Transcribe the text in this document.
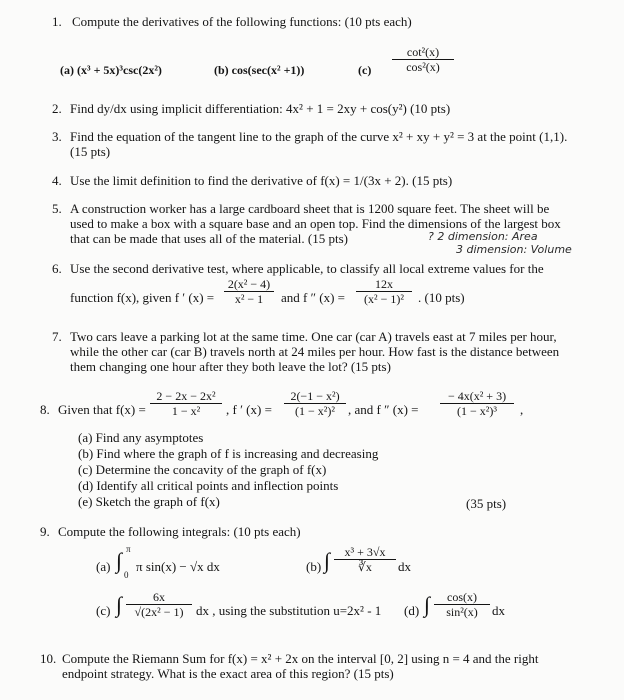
1. Compute the derivatives of the following functions: (10 pts each)
(a) (x³ + 5x)³csc(2x²)	(b) cos(sec(x² +1))	$(c) \frac{\text{cot²(x)}}{\text{cos²(x)}}$
2. Find dy/dx using implicit differentiation: 4x² + 1 = 2xy + cos(y²) (10 pts)
3. Find the equation of the tangent line to the graph of the curve x² + xy + y² = 3 at the point (1,1).
(15 pts)
4. Use the limit definition to find the derivative of f(x) = 1/(3x + 2). (15 pts)
5. A construction worker has a large cardboard sheet that is 1200 square feet. The sheet will be
used to make a box with a square base and an open top. Find the dimensions of the largest box
that can be made that uses all of the material. (15 pts)	? 2 dimension: Area
3 dimension: Volume
6. Use the second derivative test, where applicable, to classify all local extreme values for the
function f(x), given f ′ $(x) = \frac{\text{2(x² − 4)}}{\text{x² − 1}}$ and f ″ $(x) = \frac{12x}{\text{(x² − 1)²}}$ . (10 pts)
7. Two cars leave a parking lot at the same time. One car (car A) travels east at 7 miles per hour,
while the other car (car B) travels north at 24 miles per hour. How fast is the distance between
them changing one hour after they both leave the lot? (15 pts)
8. Given that $f(x) = \frac{\text{2 − 2x − 2x²}}{\text{1 − x²}}$ , f ′ $(x) = \frac{\text{2(−1 − x²)}}{\text{(1 − x²)²}}$ , and f ″ $(x) = \frac{\text{− 4x(x² + 3)}}{\text{(1 − x²)³}}$ ,
(a) Find any asymptotes
(b) Find where the graph of f is increasing and decreasing
(c) Determine the concavity of the graph of f(x)
(d) Identify all critical points and inflection points
(e) Sketch the graph of f(x)	(35 pts)
9. Compute the following integrals: (10 pts each)
(a) ∫ π
0
π sin(x) − √x dx	(b) ∫ $\frac{\text{x³ + 3√x}}{∛x}$ dx
(c) ∫ $\frac{6x}{\text{√(2x² − 1)}}$ dx , using the substitution u=2x² - 1 (d) ∫ $\frac{\cos(x)}{\text{sin²(x)}}$ dx
10. Compute the Riemann Sum for f(x) = x² + 2x on the interval [0, 2] using n = 4 and the right
endpoint strategy. What is the exact area of this region? (15 pts)
